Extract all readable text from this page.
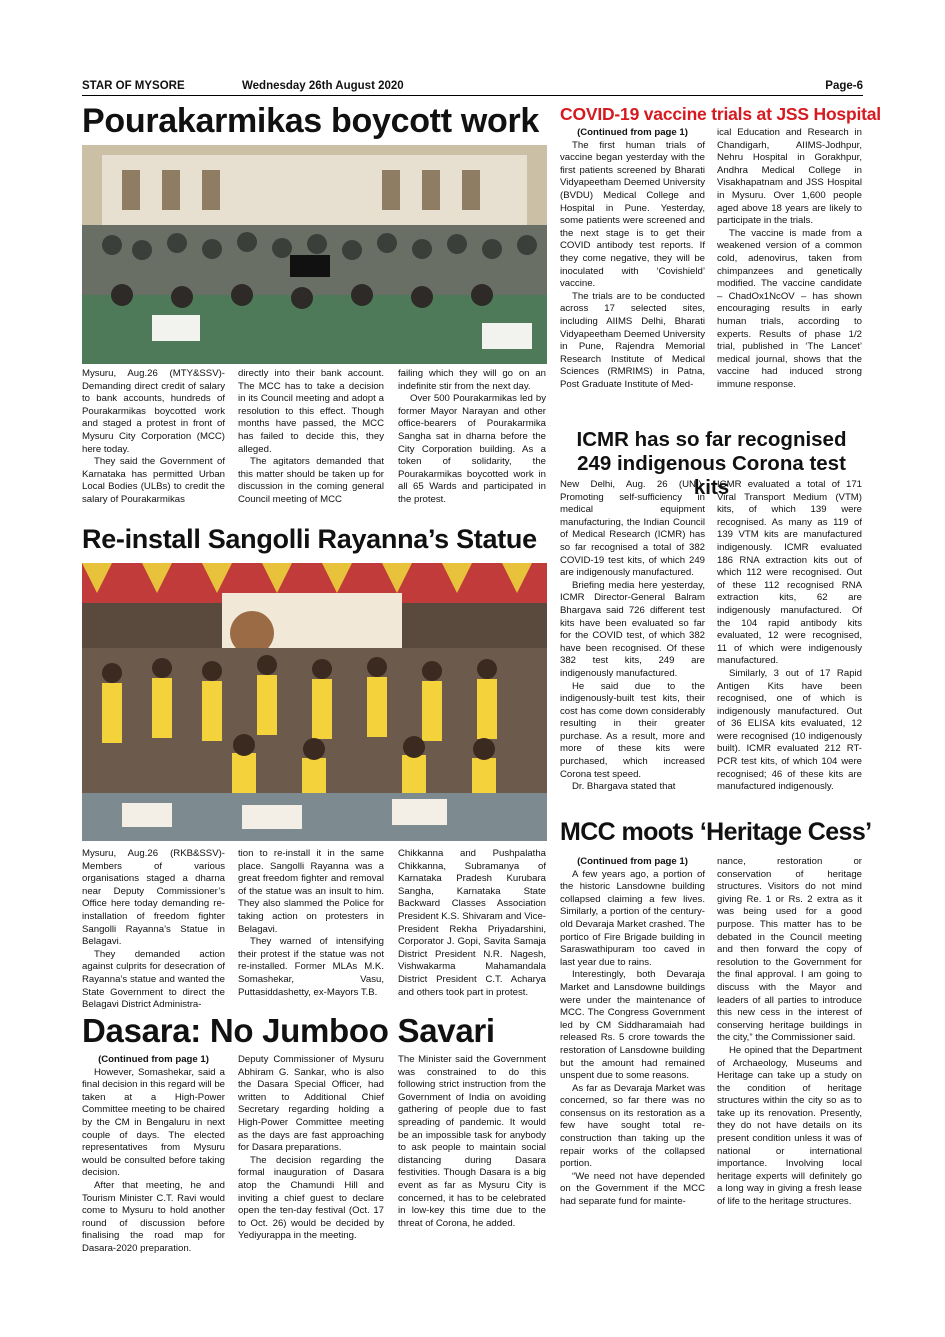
STAR OF MYSORE	Wednesday 26th August 2020	Page-6
Pourakarmikas boycott work

Mysuru, Aug.26 (MTY&SSV)- Demanding direct credit of salary to bank accounts, hundreds of Pourakarmikas boycotted work and staged a protest in front of Mysuru City Corporation (MCC) here today.

They said the Government of Karnataka has permitted Urban Local Bodies (ULBs) to credit the salary of Pourakarmikas

directly into their bank account. The MCC has to take a decision in its Council meeting and adopt a resolution to this effect. Though months have passed, the MCC has failed to decide this, they alleged.

The agitators demanded that this matter should be taken up for discussion in the coming general Council meeting of MCC

failing which they will go on an indefinite stir from the next day.

Over 500 Pourakarmikas led by former Mayor Narayan and other office-bearers of Pourakarmika Sangha sat in dharna before the City Corporation building. As a token of solidarity, the Pourakarmikas boycotted work in all 65 Wards and participated in the protest.

COVID-19 vaccine trials at JSS Hospital

(Continued from page 1)

The first human trials of vaccine began yesterday with the first patients screened by Bharati Vidyapeetham Deemed University (BVDU) Medical College and Hospital in Pune. Yesterday, some patients were screened and the next stage is to get their COVID antibody test reports. If they come negative, they will be inoculated with ‘Covishield’ vaccine.

The trials are to be conducted across 17 selected sites, including AIIMS Delhi, Bharati Vidyapeetham Deemed University in Pune, Rajendra Memorial Research Institute of Medical Sciences (RMRIMS) in Patna, Post Graduate Institute of Med-

ical Education and Research in Chandigarh, AIIMS-Jodhpur, Nehru Hospital in Gorakhpur, Andhra Medical College in Visakhapatnam and JSS Hospital in Mysuru. Over 1,600 people aged above 18 years are likely to participate in the trials.

The vaccine is made from a weakened version of a common cold, adenovirus, taken from chimpanzees and genetically modified. The vaccine candidate – ChadOx1NcOV – has shown encouraging results in early human trials, according to experts. Results of phase 1/2 trial, published in ‘The Lancet’ medical journal, shows that the vaccine had induced strong immune response.

ICMR has so far recognised 249 indigenous Corona test kits

New Delhi, Aug. 26 (UNI)- Promoting self-sufficiency in medical equipment manufacturing, the Indian Council of Medical Research (ICMR) has so far recognised a total of 382 COVID-19 test kits, of which 249 are indigenously manufactured.

Briefing media here yesterday, ICMR Director-General Balram Bhargava said 726 different test kits have been evaluated so far for the COVID test, of which 382 have been recognised. Of these 382 test kits, 249 are indigenously manufactured.

He said due to the indigenously-built test kits, their cost has come down considerably resulting in their greater purchase. As a result, more and more of these kits were purchased, which increased Corona test speed.

Dr. Bhargava stated that

ICMR evaluated a total of 171 Viral Transport Medium (VTM) kits, of which 139 were recognised. As many as 119 of 139 VTM kits are manufactured indigenously. ICMR evaluated 186 RNA extraction kits out of which 112 were recognised. Out of these 112 recognised RNA extraction kits, 62 are indigenously manufactured. Of the 104 rapid antibody kits evaluated, 12 were recognised, 11 of which were indigenously manufactured.

Similarly, 3 out of 17 Rapid Antigen Kits have been recognised, one of which is indigenously manufactured. Out of 36 ELISA kits evaluated, 12 were recognised (10 indigenously built). ICMR evaluated 212 RT-PCR test kits, of which 104 were recognised; 46 of these kits are manufactured indigenously.

Re-install Sangolli Rayanna’s Statue

Mysuru, Aug.26 (RKB&SSV)- Members of various organisations staged a dharna near Deputy Commissioner’s Office here today demanding re-installation of freedom fighter Sangolli Rayanna’s Statue in Belagavi.

They demanded action against culprits for desecration of Rayanna’s statue and wanted the State Government to direct the Belagavi District Administra-

tion to re-install it in the same place. Sangolli Rayanna was a great freedom fighter and removal of the statue was an insult to him. They also slammed the Police for taking action on protesters in Belagavi.

They warned of intensifying their protest if the statue was not re-installed. Former MLAs M.K. Somashekar, Vasu, Puttasiddashetty, ex-Mayors T.B.

Chikkanna and Pushpalatha Chikkanna, Subramanya of Karnataka Pradesh Kurubara Sangha, Karnataka State Backward Classes Association President K.S. Shivaram and Vice-President Rekha Priyadarshini, Corporator J. Gopi, Savita Samaja District President N.R. Nagesh, Vishwakarma Mahamandala District President C.T. Acharya and others took part in protest.

MCC moots ‘Heritage Cess’

(Continued from page 1)

A few years ago, a portion of the historic Lansdowne building collapsed claiming a few lives. Similarly, a portion of the century-old Devaraja Market crashed. The portico of Fire Brigade building in Saraswathipuram too caved in last year due to rains.

Interestingly, both Devaraja Market and Lansdowne buildings were under the maintenance of MCC. The Congress Government led by CM Siddharamaiah had released Rs. 5 crore towards the restoration of Lansdowne building but the amount had remained unspent due to some reasons.

As far as Devaraja Market was concerned, so far there was no consensus on its restoration as a few have sought total re-construction than taking up the repair works of the collapsed portion.

“We need not have depended on the Government if the MCC had separate fund for mainte-

nance, restoration or conservation of heritage structures. Visitors do not mind giving Re. 1 or Rs. 2 extra as it was being used for a good purpose. This matter has to be debated in the Council meeting and then forward the copy of resolution to the Government for the final approval. I am going to discuss with the Mayor and leaders of all parties to introduce this new cess in the interest of conserving heritage buildings in the city,” the Commissioner said.

He opined that the Department of Archaeology, Museums and Heritage can take up a study on the condition of heritage structures within the city so as to take up its renovation. Presently, they do not have details on its present condition unless it was of national or international importance. Involving local heritage experts will definitely go a long way in giving a fresh lease of life to the heritage structures.

Dasara: No Jumboo Savari

(Continued from page 1)

However, Somashekar, said a final decision in this regard will be taken at a High-Power Committee meeting to be chaired by the CM in Bengaluru in next couple of days. The elected representatives from Mysuru would be consulted before taking decision.

After that meeting, he and Tourism Minister C.T. Ravi would come to Mysuru to hold another round of discussion before finalising the road map for Dasara-2020 preparation.

Deputy Commissioner of Mysuru Abhiram G. Sankar, who is also the Dasara Special Officer, had written to Additional Chief Secretary regarding holding a High-Power Committee meeting as the days are fast approaching for Dasara preparations.

The decision regarding the formal inauguration of Dasara atop the Chamundi Hill and inviting a chief guest to declare open the ten-day festival (Oct. 17 to Oct. 26) would be decided by Yediyurappa in the meeting.

The Minister said the Government was constrained to do this following strict instruction from the Government of India on avoiding gathering of people due to fast spreading of pandemic. It would be an impossible task for anybody to ask people to maintain social distancing during Dasara festivities. Though Dasara is a big event as far as Mysuru City is concerned, it has to be celebrated in low-key this time due to the threat of Corona, he added.
